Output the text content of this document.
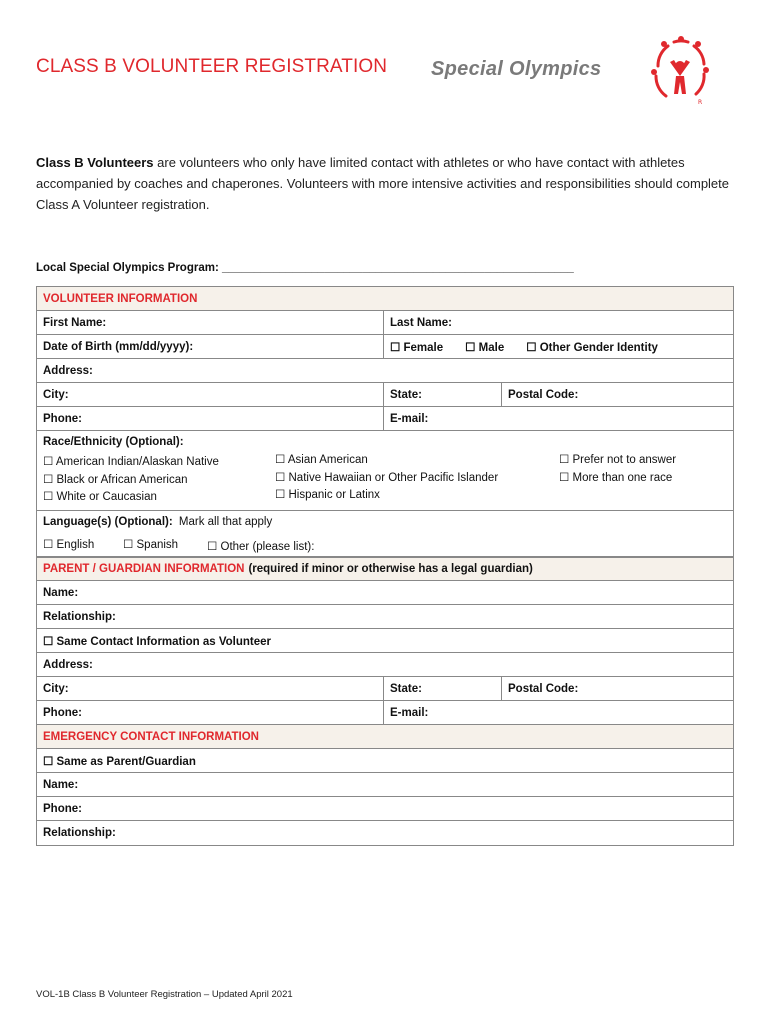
CLASS B VOLUNTEER REGISTRATION Special Olympics
R
Class B Volunteers are volunteers who only have limited contact with athletes or who have contact with athletes accompanied by coaches and chaperones. Volunteers with more intensive activities and responsibilities should complete Class A Volunteer registration.
Local Special Olympics Program: _______________________________________________________
VOLUNTEER INFORMATION
First Name:	Last Name:
Date of Birth (mm/dd/yyyy):	☐ Female ☐ Male ☐ Other Gender Identity
Address:
City:	State:	Postal Code:
Phone:	E-mail:
Race/Ethnicity (Optional):
☐ American Indian/Alaskan Native
☐ Black or African American
☐ White or Caucasian
☐ Asian American
☐ Native Hawaiian or Other Pacific Islander
☐ Hispanic or Latinx
☐ Prefer not to answer
☐ More than one race
Language(s) (Optional): Mark all that apply
☐ English	☐ Spanish	☐ Other (please list):
PARENT / GUARDIAN INFORMATION (required if minor or otherwise has a legal guardian)
Name:
Relationship:
☐ Same Contact Information as Volunteer
Address:
City:	State:	Postal Code:
Phone:	E-mail:
EMERGENCY CONTACT INFORMATION
☐ Same as Parent/Guardian
Name:
Phone:
Relationship:
VOL-1B Class B Volunteer Registration – Updated April 2021
